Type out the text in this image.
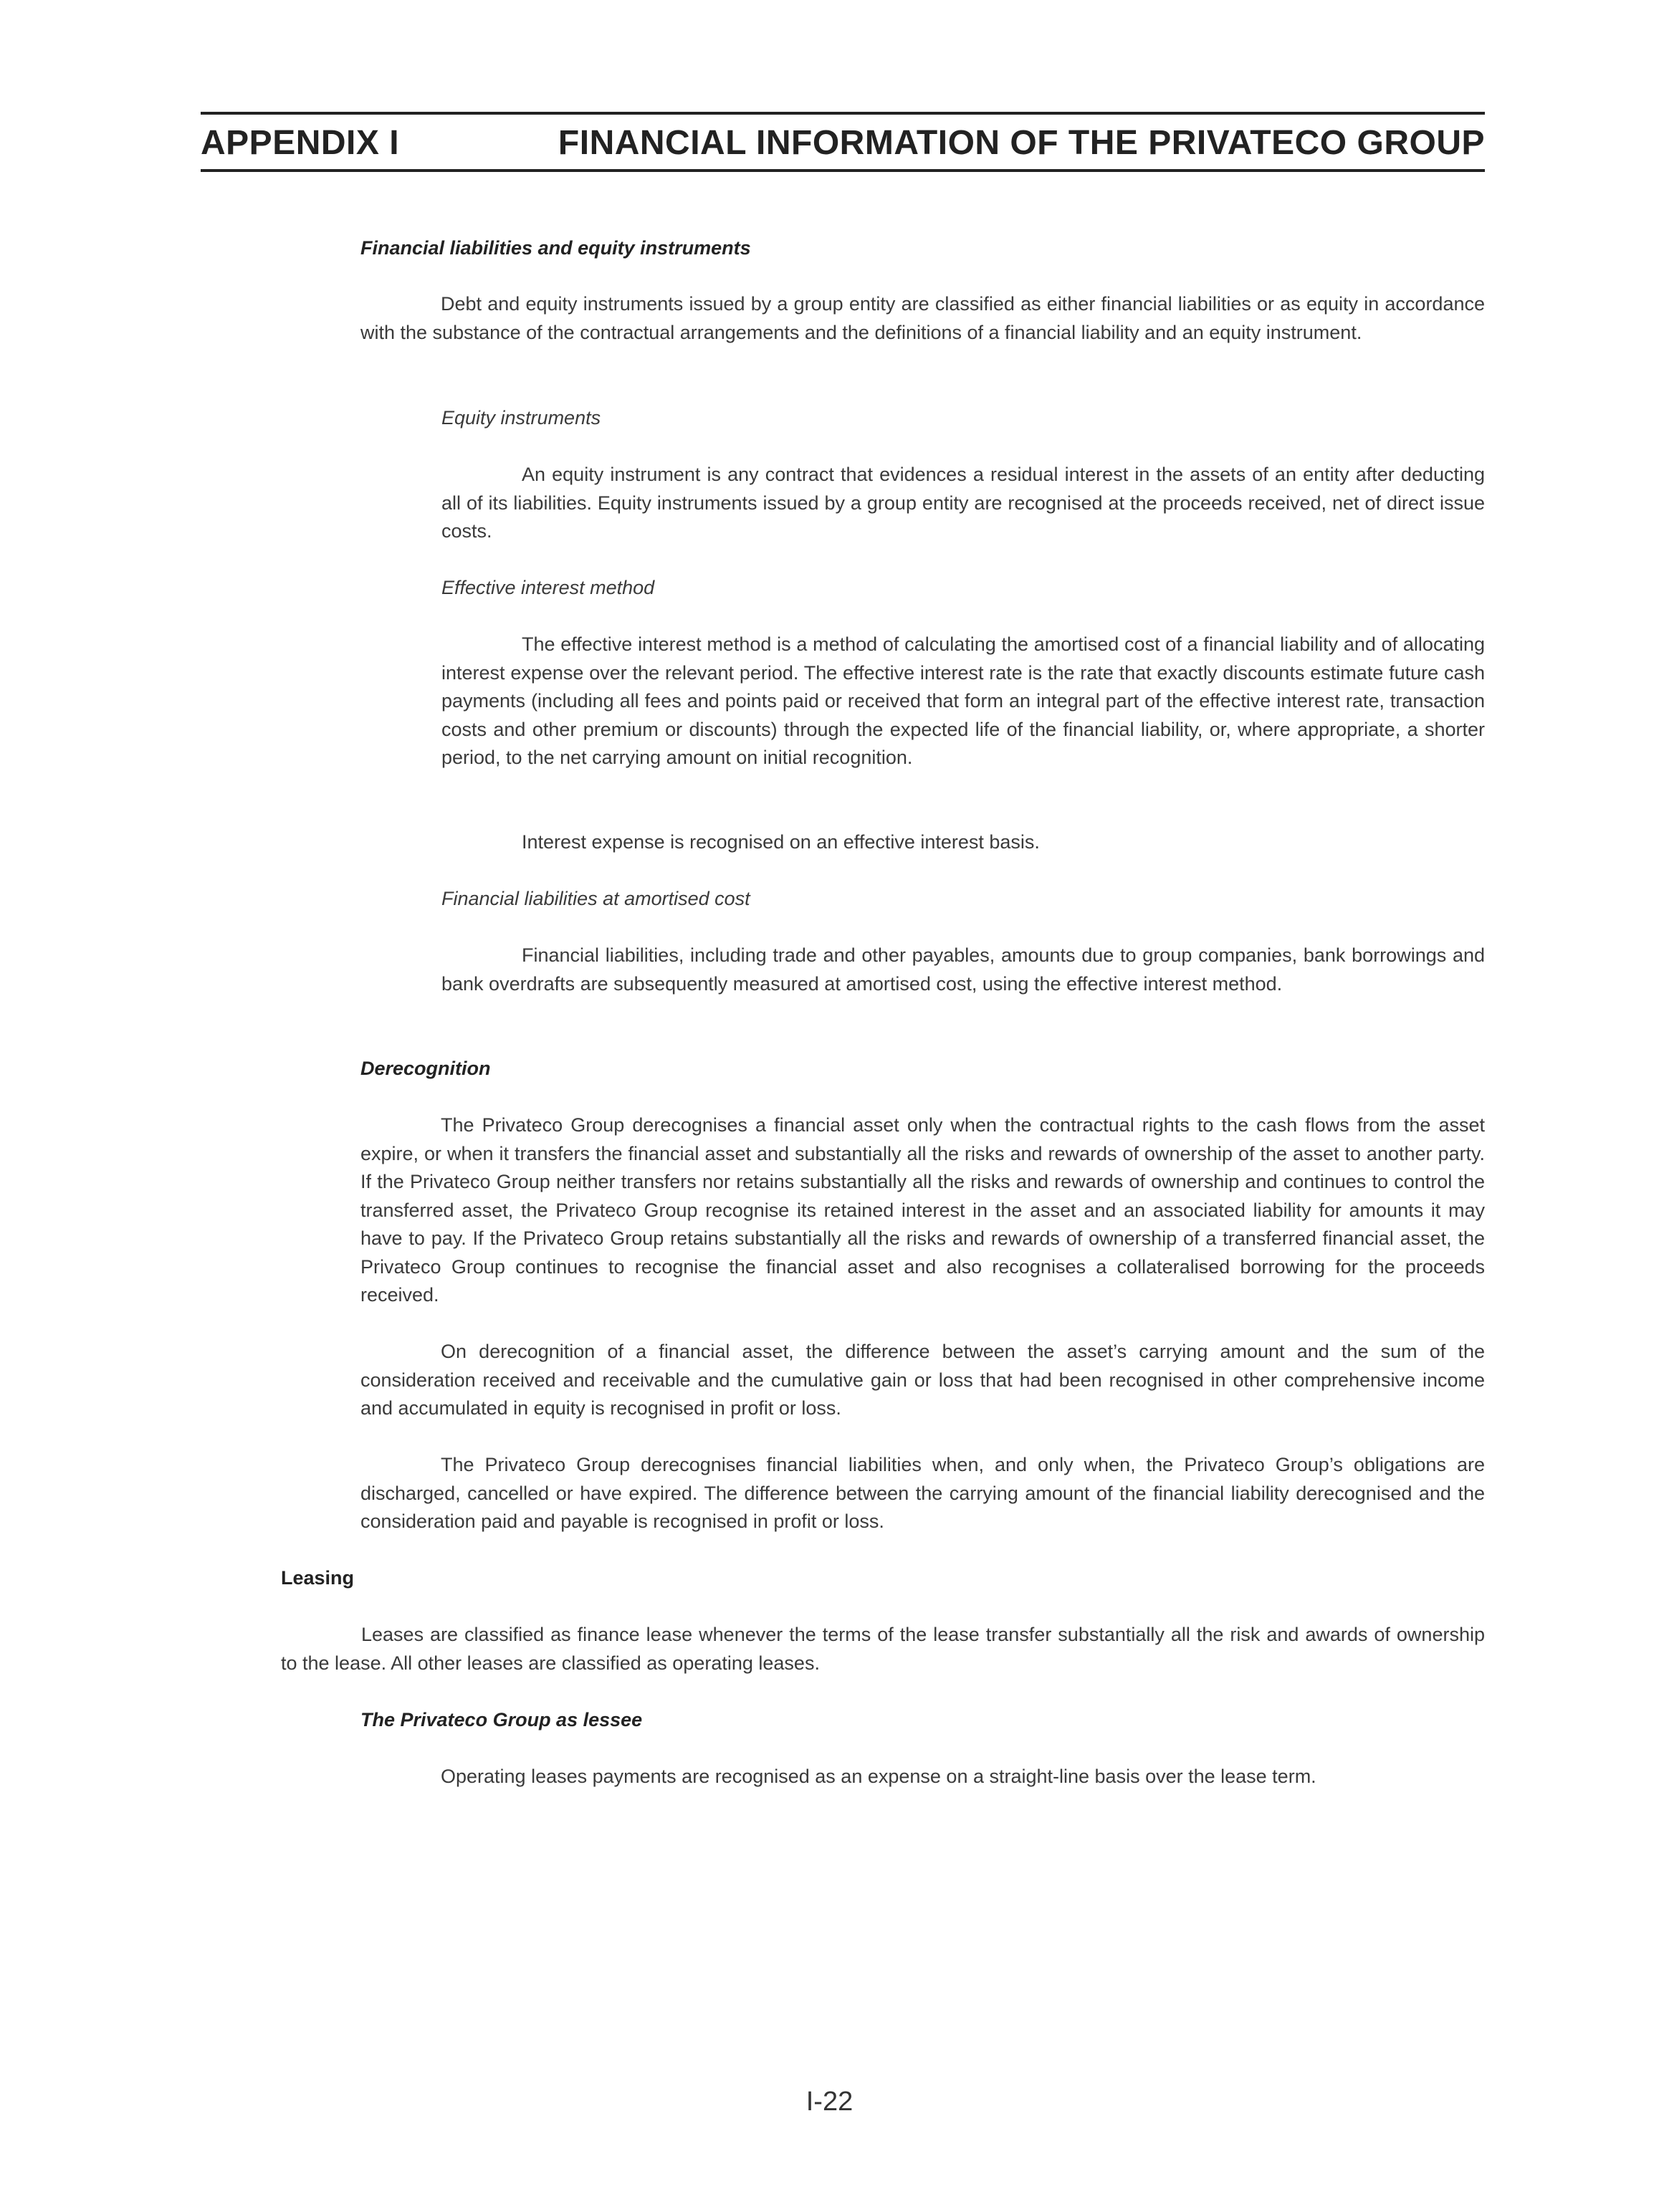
APPENDIX I	FINANCIAL INFORMATION OF THE PRIVATECO GROUP
Financial liabilities and equity instruments

Debt and equity instruments issued by a group entity are classified as either financial liabilities or as equity in accordance with the substance of the contractual arrangements and the definitions of a financial liability and an equity instrument.

Equity instruments

An equity instrument is any contract that evidences a residual interest in the assets of an entity after deducting all of its liabilities. Equity instruments issued by a group entity are recognised at the proceeds received, net of direct issue costs.

Effective interest method

The effective interest method is a method of calculating the amortised cost of a financial liability and of allocating interest expense over the relevant period. The effective interest rate is the rate that exactly discounts estimate future cash payments (including all fees and points paid or received that form an integral part of the effective interest rate, transaction costs and other premium or discounts) through the expected life of the financial liability, or, where appropriate, a shorter period, to the net carrying amount on initial recognition.

Interest expense is recognised on an effective interest basis.

Financial liabilities at amortised cost

Financial liabilities, including trade and other payables, amounts due to group companies, bank borrowings and bank overdrafts are subsequently measured at amortised cost, using the effective interest method.

Derecognition

The Privateco Group derecognises a financial asset only when the contractual rights to the cash flows from the asset expire, or when it transfers the financial asset and substantially all the risks and rewards of ownership of the asset to another party. If the Privateco Group neither transfers nor retains substantially all the risks and rewards of ownership and continues to control the transferred asset, the Privateco Group recognise its retained interest in the asset and an associated liability for amounts it may have to pay. If the Privateco Group retains substantially all the risks and rewards of ownership of a transferred financial asset, the Privateco Group continues to recognise the financial asset and also recognises a collateralised borrowing for the proceeds received.

On derecognition of a financial asset, the difference between the asset’s carrying amount and the sum of the consideration received and receivable and the cumulative gain or loss that had been recognised in other comprehensive income and accumulated in equity is recognised in profit or loss.

The Privateco Group derecognises financial liabilities when, and only when, the Privateco Group’s obligations are discharged, cancelled or have expired. The difference between the carrying amount of the financial liability derecognised and the consideration paid and payable is recognised in profit or loss.

Leasing

Leases are classified as finance lease whenever the terms of the lease transfer substantially all the risk and awards of ownership to the lease. All other leases are classified as operating leases.

The Privateco Group as lessee

Operating leases payments are recognised as an expense on a straight-line basis over the lease term.

I-22
